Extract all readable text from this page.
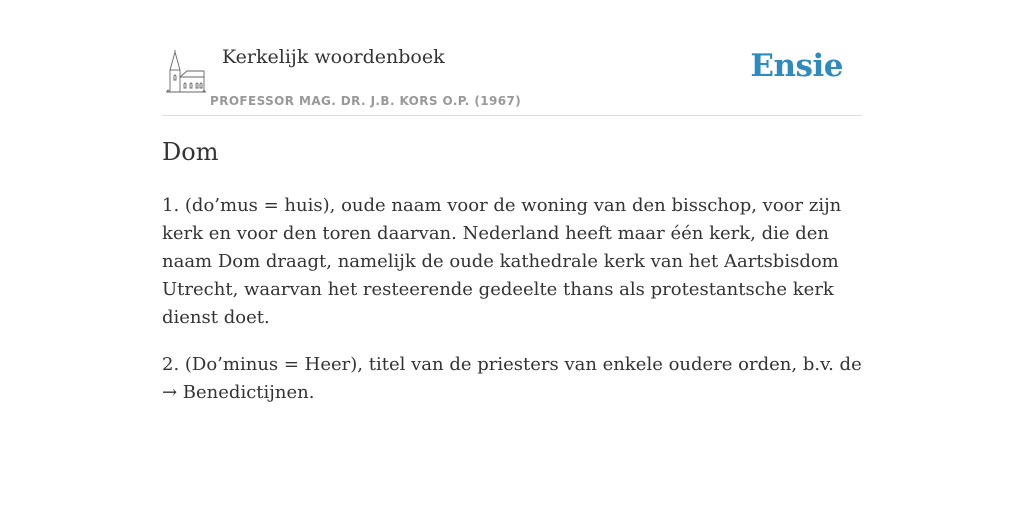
Kerkelijk woordenboek
PROFESSOR MAG. DR. J.B. KORS O.P. (1967)
Ensie
Dom

1. (do’mus = huis), oude naam voor de woning van den bisschop, voor zijn kerk en voor den toren daarvan. Nederland heeft maar één kerk, die den naam Dom draagt, namelijk de oude kathedrale kerk van het Aartsbisdom Utrecht, waarvan het resteerende gedeelte thans als protestantsche kerk dienst doet.

2. (Do’minus = Heer), titel van de priesters van enkele oudere orden, b.v. de → Benedictijnen.
